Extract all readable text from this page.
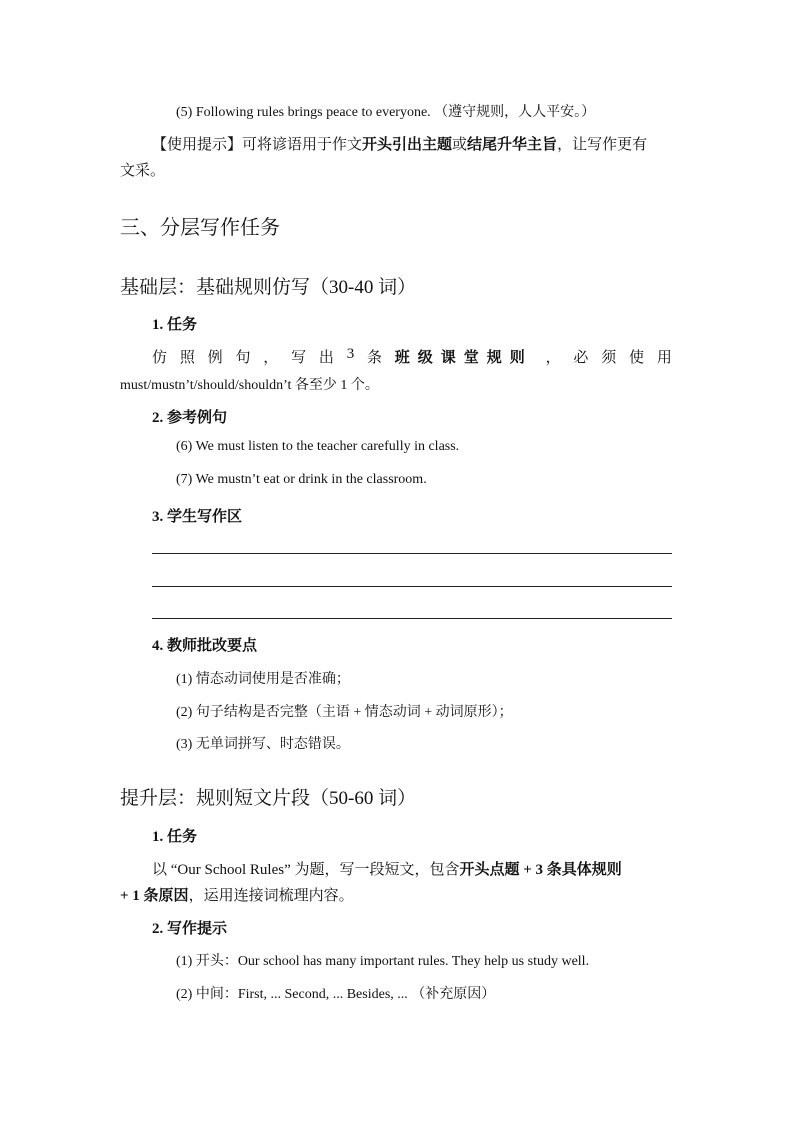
(5) Following rules brings peace to everyone. （遵守规则，人人平安。）
【使用提示】可将谚语用于作文开头引出主题或结尾升华主旨，让写作更有
文采。
三、分层写作任务
基础层：基础规则仿写（30-40 词）
1. 任务
仿 照 例 句 ， 写 出 3 条 班级课堂规则 ， 必 须 使 用
must/mustn’t/should/shouldn’t 各至少 1 个。
2. 参考例句
(6) We must listen to the teacher carefully in class.
(7) We mustn’t eat or drink in the classroom.
3. 学生写作区
4. 教师批改要点
(1) 情态动词使用是否准确；
(2) 句子结构是否完整（主语 + 情态动词 + 动词原形）；
(3) 无单词拼写、时态错误。
提升层：规则短文片段（50-60 词）
1. 任务
以 “Our School Rules” 为题，写一段短文，包含开头点题 + 3 条具体规则
+ 1 条原因，运用连接词梳理内容。
2. 写作提示
(1) 开头：Our school has many important rules. They help us study well.
(2) 中间：First, ... Second, ... Besides, ... （补充原因）
